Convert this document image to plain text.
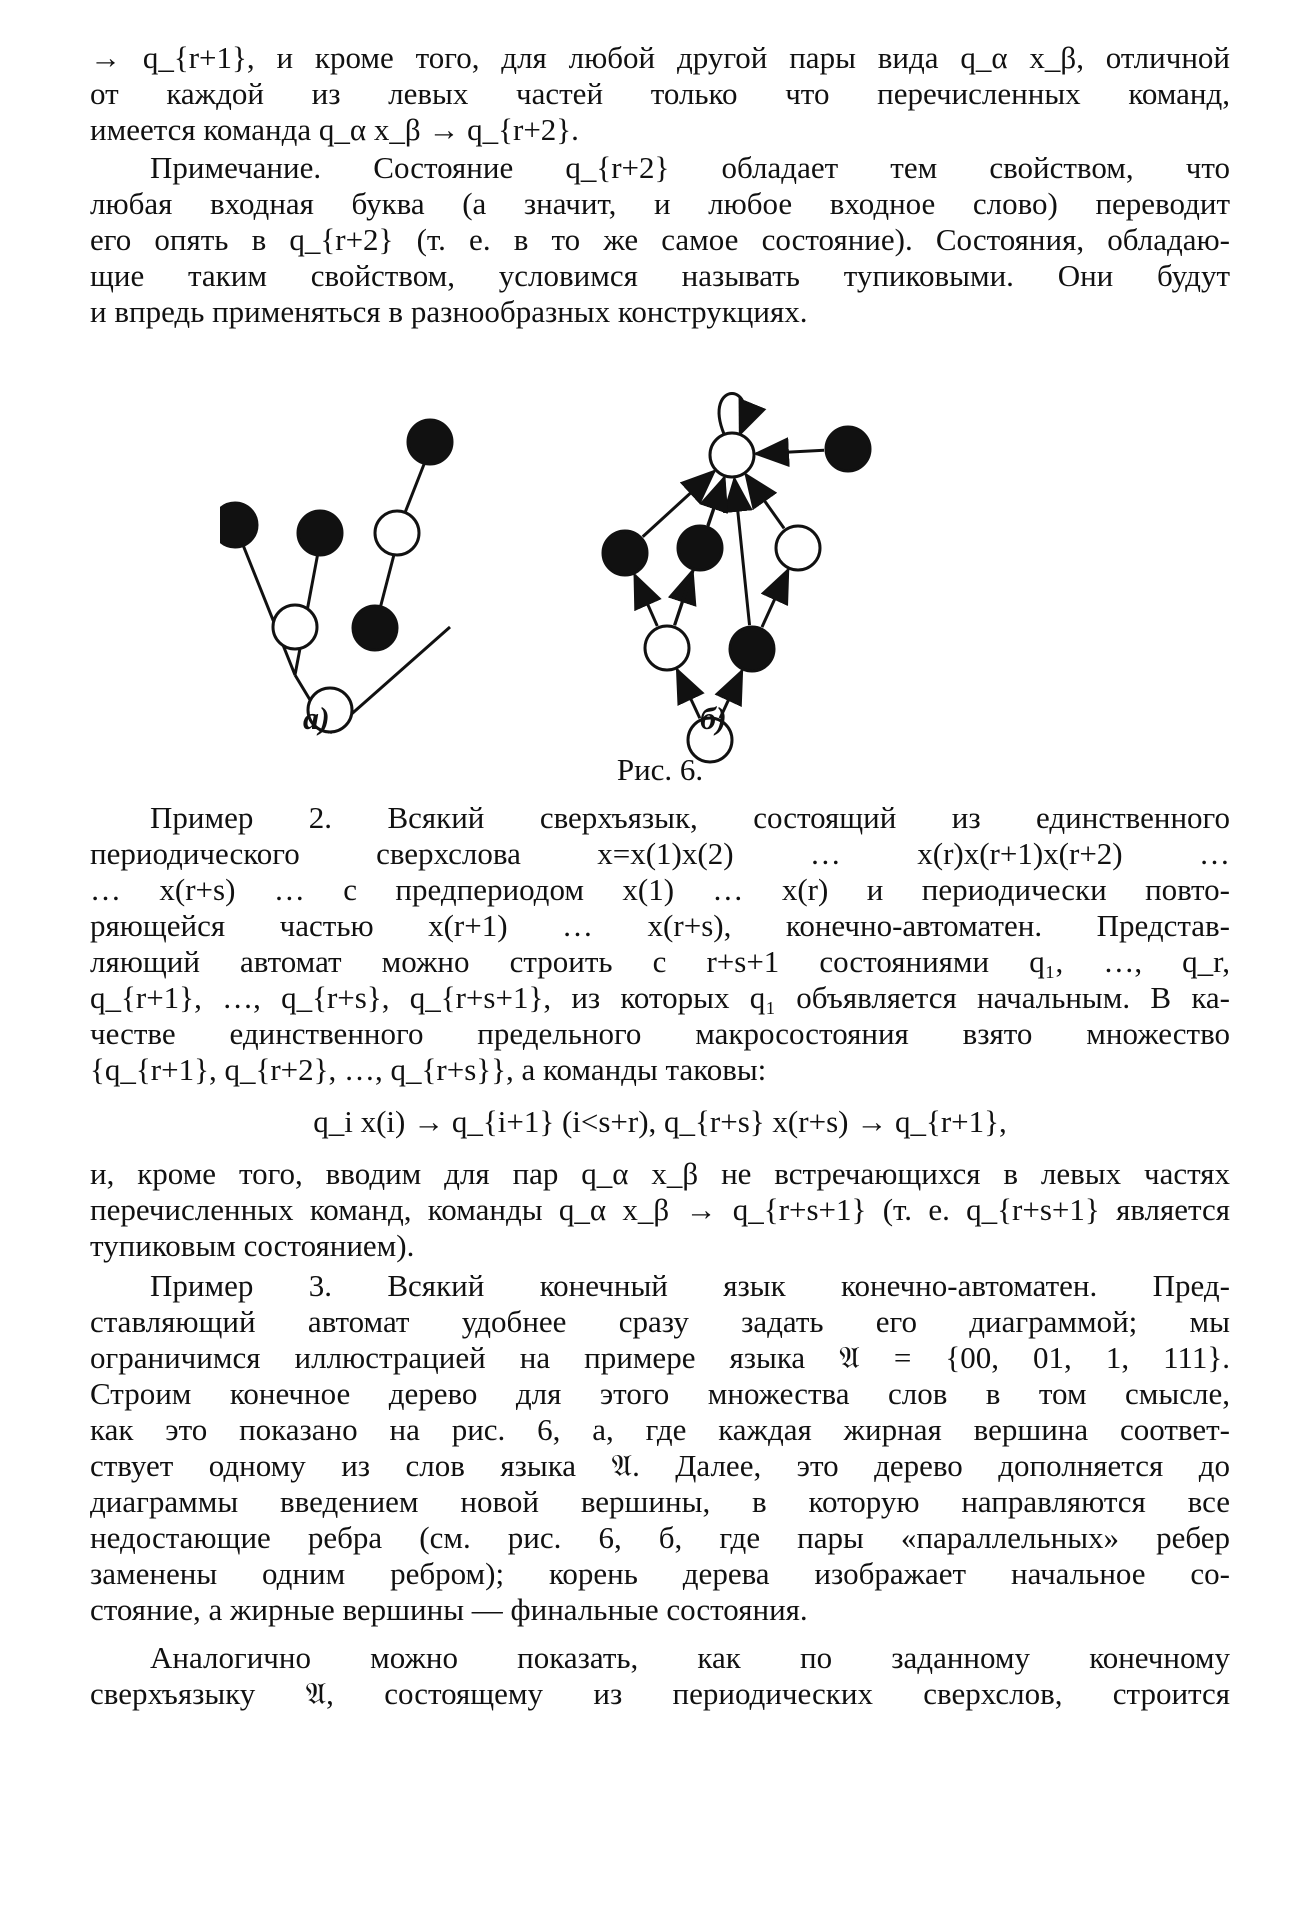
→ q_{r+1}, и кроме того, для любой другой пары вида q_α x_β, отличной
от каждой из левых частей только что перечисленных команд,
имеется команда q_α x_β → q_{r+2}.
Примечание. Состояние q_{r+2} обладает тем свойством, что
любая входная буква (а значит, и любое входное слово) переводит
его опять в q_{r+2} (т. е. в то же самое состояние). Состояния, обладаю-
щие таким свойством, условимся называть тупиковыми. Они будут
и впредь применяться в разнообразных конструкциях.
а)	б)
Рис. 6.
Пример 2. Всякий сверхъязык, состоящий из единственного
периодического сверхслова x=x(1)x(2) … x(r)x(r+1)x(r+2) …
… x(r+s) … с предпериодом x(1) … x(r) и периодически повто-
ряющейся частью x(r+1) … x(r+s), конечно-автоматен. Представ-
ляющий автомат можно строить с r+s+1 состояниями q₁, …, q_r,
q_{r+1}, …, q_{r+s}, q_{r+s+1}, из которых q₁ объявляется начальным. В ка-
честве единственного предельного макросостояния взято множество
{q_{r+1}, q_{r+2}, …, q_{r+s}}, а команды таковы:
q_i x(i) → q_{i+1} (i<s+r), q_{r+s} x(r+s) → q_{r+1},
и, кроме того, вводим для пар q_α x_β не встречающихся в левых частях
перечисленных команд, команды q_α x_β → q_{r+s+1} (т. е. q_{r+s+1} является
тупиковым состоянием).
Пример 3. Всякий конечный язык конечно-автоматен. Пред-
ставляющий автомат удобнее сразу задать его диаграммой; мы
ограничимся иллюстрацией на примере языка 𝔄 = {00, 01, 1, 111}.
Строим конечное дерево для этого множества слов в том смысле,
как это показано на рис. 6, а, где каждая жирная вершина соответ-
ствует одному из слов языка 𝔄. Далее, это дерево дополняется до
диаграммы введением новой вершины, в которую направляются все
недостающие ребра (см. рис. 6, б, где пары «параллельных» ребер
заменены одним ребром); корень дерева изображает начальное со-
стояние, а жирные вершины — финальные состояния.
Аналогично можно показать, как по заданному конечному
сверхъязыку 𝔄, состоящему из периодических сверхслов, строится
